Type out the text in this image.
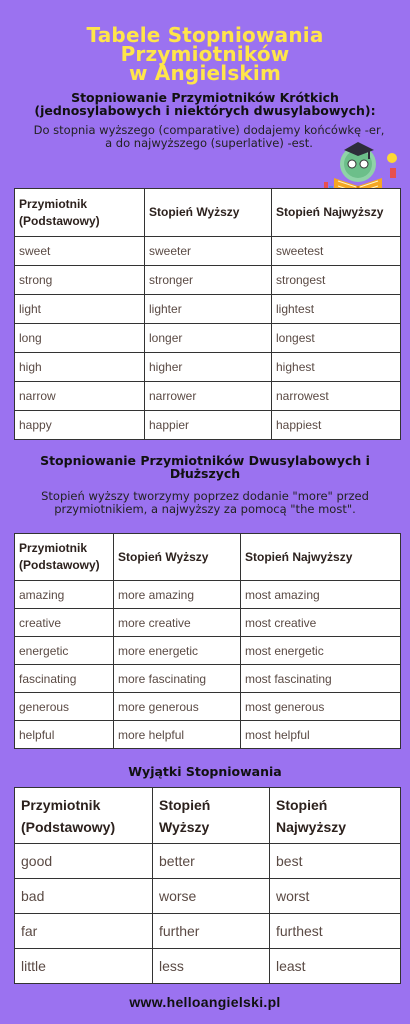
Tabele Stopniowania Przymiotników
w Angielskim
Stopniowanie Przymiotników Krótkich
(jednosylabowych i niektórych dwusylabowych):
Do stopnia wyższego (comparative) dodajemy końcówkę -er,
a do najwyższego (superlative) -est.
Przymiotnik (Podstawowy)	Stopień Wyższy	Stopień Najwyższy
sweet	sweeter	sweetest
strong	stronger	strongest
light	lighter	lightest
long	longer	longest
high	higher	highest
narrow	narrower	narrowest
happy	happier	happiest
Stopniowanie Przymiotników Dwusylabowych i
Dłuższych
Stopień wyższy tworzymy poprzez dodanie "more" przed
przymiotnikiem, a najwyższy za pomocą "the most".
Przymiotnik (Podstawowy)	Stopień Wyższy	Stopień Najwyższy
amazing	more amazing	most amazing
creative	more creative	most creative
energetic	more energetic	most energetic
fascinating	more fascinating	most fascinating
generous	more generous	most generous
helpful	more helpful	most helpful
Wyjątki Stopniowania
Przymiotnik (Podstawowy)	Stopień Wyższy	Stopień Najwyższy
good	better	best
bad	worse	worst
far	further	furthest
little	less	least
www.helloangielski.pl
